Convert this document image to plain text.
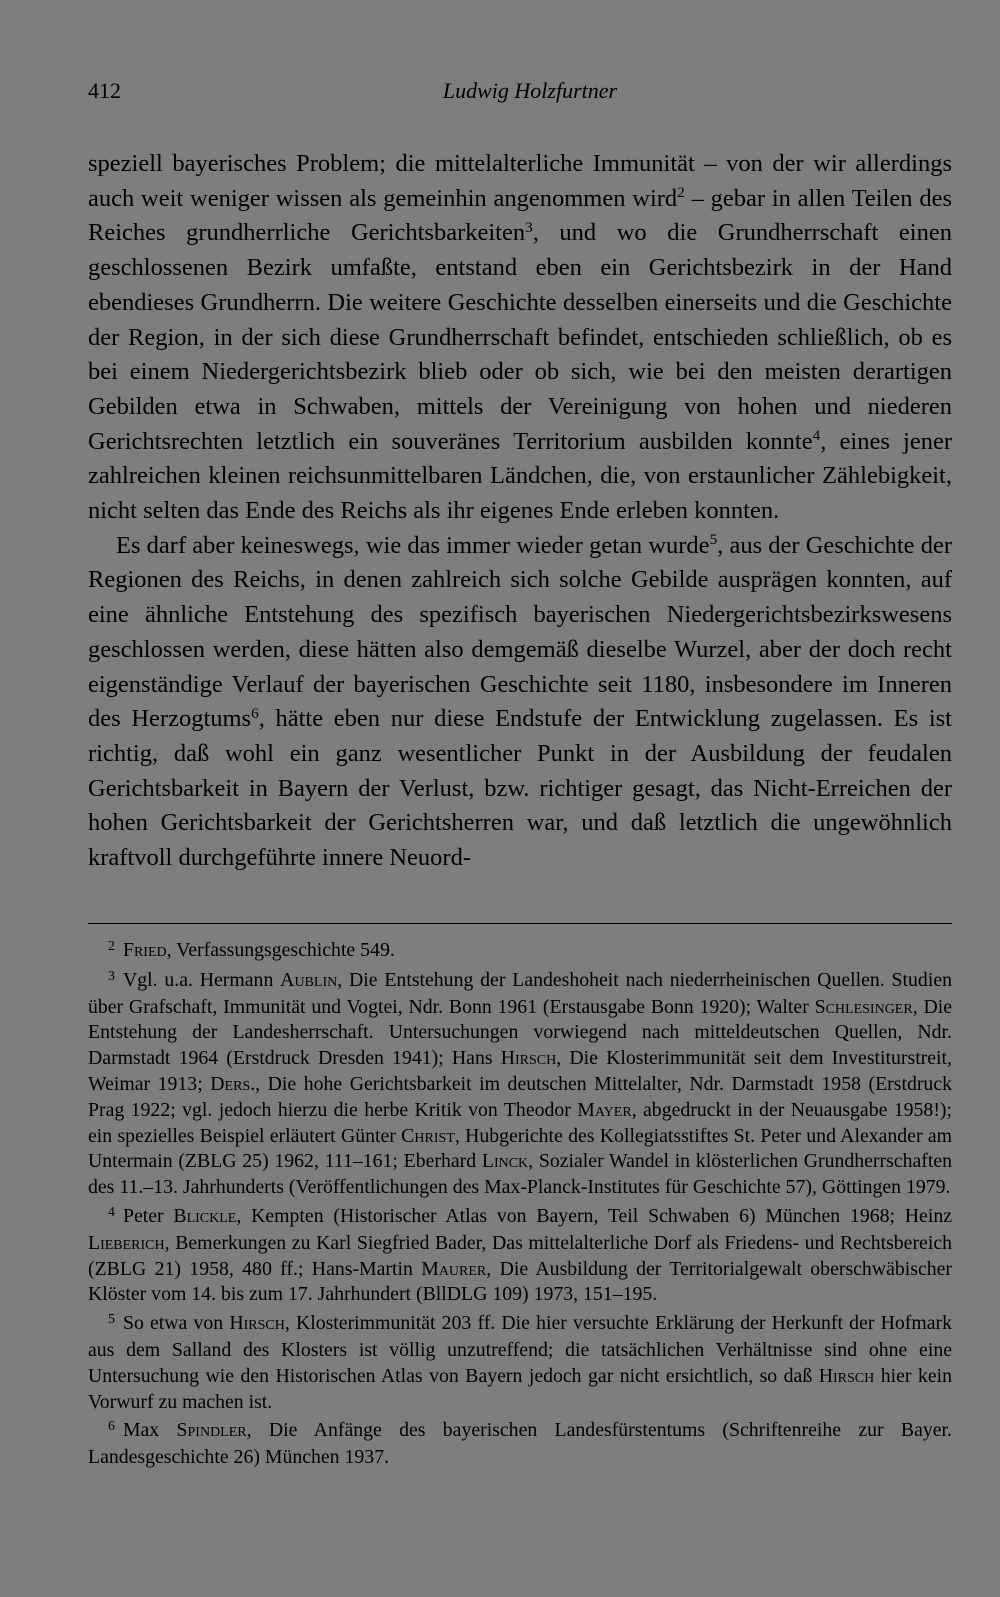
412	Ludwig Holzfurtner

speziell bayerisches Problem; die mittelalterliche Immunität – von der wir allerdings auch weit weniger wissen als gemeinhin angenommen wird$^2$ – gebar in allen Teilen des Reiches grundherrliche Gerichtsbarkeiten$^3$, und wo die Grundherrschaft einen geschlossenen Bezirk umfaßte, entstand eben ein Gerichtsbezirk in der Hand ebendieses Grundherrn. Die weitere Geschichte desselben einerseits und die Geschichte der Region, in der sich diese Grundherrschaft befindet, entschieden schließlich, ob es bei einem Niedergerichtsbezirk blieb oder ob sich, wie bei den meisten derartigen Gebilden etwa in Schwaben, mittels der Vereinigung von hohen und niederen Gerichtsrechten letztlich ein souveränes Territorium ausbilden konnte$^4$, eines jener zahlreichen kleinen reichsunmittelbaren Ländchen, die, von erstaunlicher Zählebigkeit, nicht selten das Ende des Reichs als ihr eigenes Ende erleben konnten.

Es darf aber keineswegs, wie das immer wieder getan wurde$^5$, aus der Geschichte der Regionen des Reichs, in denen zahlreich sich solche Gebilde ausprägen konnten, auf eine ähnliche Entstehung des spezifisch bayerischen Niedergerichtsbezirkswesens geschlossen werden, diese hätten also demgemäß dieselbe Wurzel, aber der doch recht eigenständige Verlauf der bayerischen Geschichte seit 1180, insbesondere im Inneren des Herzogtums$^6$, hätte eben nur diese Endstufe der Entwicklung zugelassen. Es ist richtig, daß wohl ein ganz wesentlicher Punkt in der Ausbildung der feudalen Gerichtsbarkeit in Bayern der Verlust, bzw. richtiger gesagt, das Nicht-Erreichen der hohen Gerichtsbarkeit der Gerichtsherren war, und daß letztlich die ungewöhnlich kraftvoll durchgeführte innere Neuord-

$^2$ Fried, Verfassungsgeschichte 549.

$^3$ Vgl. u.a. Hermann Aublin, Die Entstehung der Landeshoheit nach niederrheinischen Quellen. Studien über Grafschaft, Immunität und Vogtei, Ndr. Bonn 1961 (Erstausgabe Bonn 1920); Walter Schlesinger, Die Entstehung der Landesherrschaft. Untersuchungen vorwiegend nach mitteldeutschen Quellen, Ndr. Darmstadt 1964 (Erstdruck Dresden 1941); Hans Hirsch, Die Klosterimmunität seit dem Investiturstreit, Weimar 1913; Ders., Die hohe Gerichtsbarkeit im deutschen Mittelalter, Ndr. Darmstadt 1958 (Erstdruck Prag 1922; vgl. jedoch hierzu die herbe Kritik von Theodor Mayer, abgedruckt in der Neuausgabe 1958!); ein spezielles Beispiel erläutert Günter Christ, Hubgerichte des Kollegiatsstiftes St. Peter und Alexander am Untermain (ZBLG 25) 1962, 111–161; Eberhard Linck, Sozialer Wandel in klösterlichen Grundherrschaften des 11.–13. Jahrhunderts (Veröffentlichungen des Max-Planck-Institutes für Geschichte 57), Göttingen 1979.

$^4$ Peter Blickle, Kempten (Historischer Atlas von Bayern, Teil Schwaben 6) München 1968; Heinz Lieberich, Bemerkungen zu Karl Siegfried Bader, Das mittelalterliche Dorf als Friedens- und Rechtsbereich (ZBLG 21) 1958, 480 ff.; Hans-Martin Maurer, Die Ausbildung der Territorialgewalt oberschwäbischer Klöster vom 14. bis zum 17. Jahrhundert (BllDLG 109) 1973, 151–195.

$^5$ So etwa von Hirsch, Klosterimmunität 203 ff. Die hier versuchte Erklärung der Herkunft der Hofmark aus dem Salland des Klosters ist völlig unzutreffend; die tatsächlichen Verhältnisse sind ohne eine Untersuchung wie den Historischen Atlas von Bayern jedoch gar nicht ersichtlich, so daß Hirsch hier kein Vorwurf zu machen ist.

$^6$ Max Spindler, Die Anfänge des bayerischen Landesfürstentums (Schriftenreihe zur Bayer. Landesgeschichte 26) München 1937.
